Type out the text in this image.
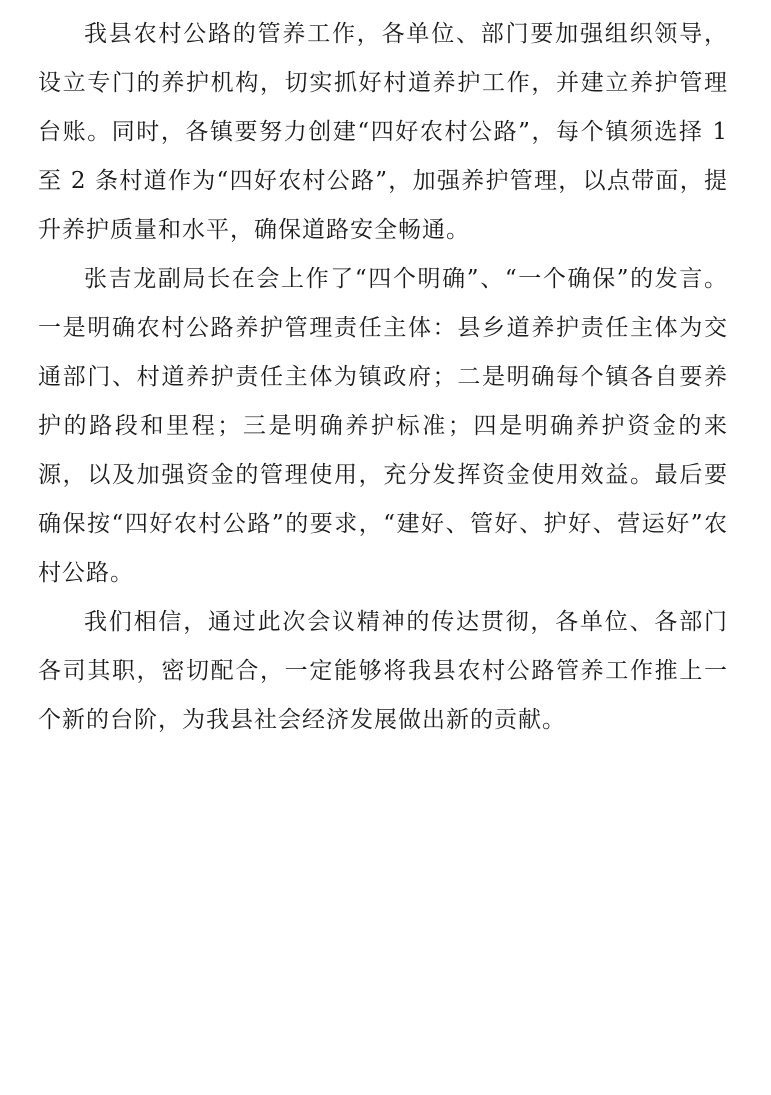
我县农村公路的管养工作，各单位、部门要加强组织领导，设立专门的养护机构，切实抓好村道养护工作，并建立养护管理台账。同时，各镇要努力创建“四好农村公路”，每个镇须选择 1 至 2 条村道作为“四好农村公路”，加强养护管理，以点带面，提升养护质量和水平，确保道路安全畅通。

张吉龙副局长在会上作了“四个明确”、“一个确保”的发言。一是明确农村公路养护管理责任主体：县乡道养护责任主体为交通部门、村道养护责任主体为镇政府；二是明确每个镇各自要养护的路段和里程；三是明确养护标准；四是明确养护资金的来源，以及加强资金的管理使用，充分发挥资金使用效益。最后要确保按“四好农村公路”的要求，“建好、管好、护好、营运好”农村公路。

我们相信，通过此次会议精神的传达贯彻，各单位、各部门各司其职，密切配合，一定能够将我县农村公路管养工作推上一个新的台阶，为我县社会经济发展做出新的贡献。
